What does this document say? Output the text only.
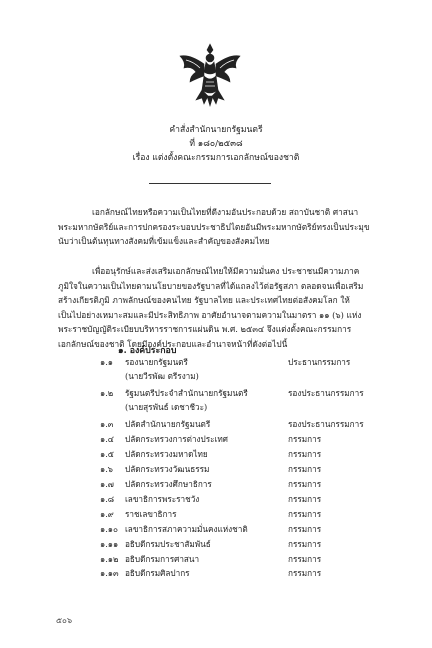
คำสั่งสำนักนายกรัฐมนตรี
ที่ ๑๘๐/๒๕๓๘
เรื่อง แต่งตั้งคณะกรรมการเอกลักษณ์ของชาติ
เอกลักษณ์ไทยหรือความเป็นไทยที่ดีงามอันประกอบด้วย สถาบันชาติ ศาสนา
พระมหากษัตริย์และการปกครองระบอบประชาธิปไตยอันมีพระมหากษัตริย์ทรงเป็นประมุข
นับว่าเป็นต้นทุนทางสังคมที่เข้มแข็งและสำคัญของสังคมไทย
เพื่ออนุรักษ์และส่งเสริมเอกลักษณ์ไทยให้มีความมั่นคง ประชาชนมีความภาค
ภูมิใจในความเป็นไทยตามนโยบายของรัฐบาลที่ได้แถลงไว้ต่อรัฐสภา ตลอดจนเพื่อเสริม
สร้างเกียรติภูมิ ภาพลักษณ์ของคนไทย รัฐบาลไทย และประเทศไทยต่อสังคมโลก ให้
เป็นไปอย่างเหมาะสมและมีประสิทธิภาพ อาศัยอำนาจตามความในมาตรา ๑๑ (๖) แห่ง
พระราชบัญญัติระเบียบบริหารราชการแผ่นดิน พ.ศ. ๒๕๓๔ จึงแต่งตั้งคณะกรรมการ
เอกลักษณ์ของชาติ โดยมีองค์ประกอบและอำนาจหน้าที่ดังต่อไปนี้
๑. องค์ประกอบ
๑.๑	รองนายกรัฐมนตรี	ประธานกรรมการ
(นายวีรพัฒ ตรีรงาม)
๑.๒	รัฐมนตรีประจำสำนักนายกรัฐมนตรี	รองประธานกรรมการ
(นายสุรพันธ์ เดชาชีวะ)
๑.๓	ปลัดสำนักนายกรัฐมนตรี	รองประธานกรรมการ
๑.๔	ปลัดกระทรวงการต่างประเทศ	กรรมการ
๑.๕	ปลัดกระทรวงมหาดไทย	กรรมการ
๑.๖	ปลัดกระทรวงวัฒนธรรม	กรรมการ
๑.๗	ปลัดกระทรวงศึกษาธิการ	กรรมการ
๑.๘	เลขาธิการพระราชวัง	กรรมการ
๑.๙	ราชเลขาธิการ	กรรมการ
๑.๑๐ เลขาธิการสภาความมั่นคงแห่งชาติ	กรรมการ
๑.๑๑ อธิบดีกรมประชาสัมพันธ์	กรรมการ
๑.๑๒ อธิบดีกรมการศาสนา	กรรมการ
๑.๑๓ อธิบดีกรมศิลปากร	กรรมการ
๕๐๖
